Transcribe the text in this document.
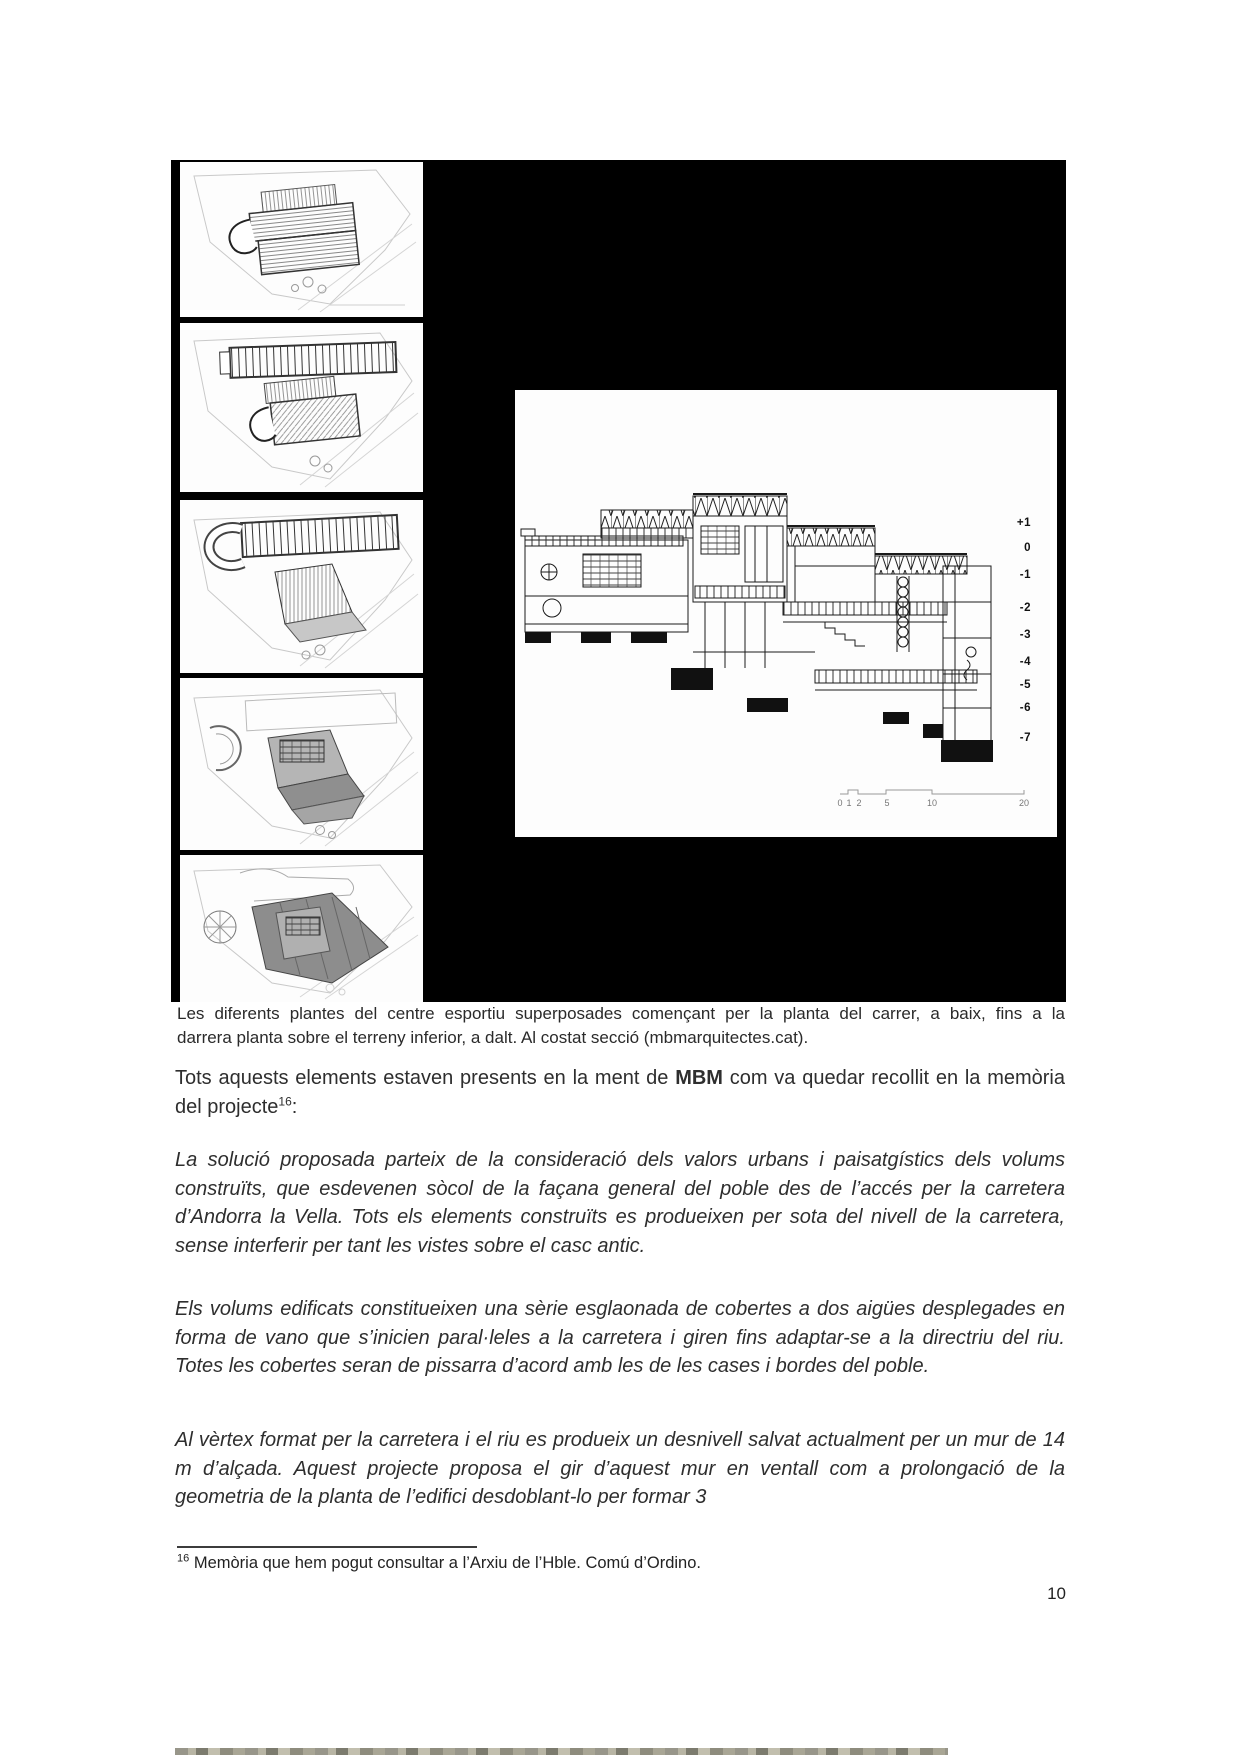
+1
0
-1
-2
-3
-4
-5
-6
-7
0 1 2	5	10	20
Les diferents plantes del centre esportiu superposades començant per la planta del carrer, a baix, fins a la
darrera planta sobre el terreny inferior, a dalt. Al costat secció (mbmarquitectes.cat).

Tots aquests elements estaven presents en la ment de MBM com va quedar recollit en la memòria del projecte$^{16}$:

La solució proposada parteix de la consideració dels valors urbans i paisatgístics dels volums construïts, que esdevenen sòcol de la façana general del poble des de l’accés per la carretera d’Andorra la Vella. Tots els elements construïts es produeixen per sota del nivell de la carretera, sense interferir per tant les vistes sobre el casc antic.

Els volums edificats constitueixen una sèrie esglaonada de cobertes a dos aigües desplegades en forma de vano que s’inicien paral·leles a la carretera i giren fins adaptar-se a la directriu del riu. Totes les cobertes seran de pissarra d’acord amb les de les cases i bordes del poble.

Al vèrtex format per la carretera i el riu es produeix un desnivell salvat actualment per un mur de 14 m d’alçada. Aquest projecte proposa el gir d’aquest mur en ventall com a prolongació de la geometria de la planta de l’edifici desdoblant-lo per formar 3

$^{16}$ Memòria que hem pogut consultar a l’Arxiu de l’Hble. Comú d’Ordino.
10
